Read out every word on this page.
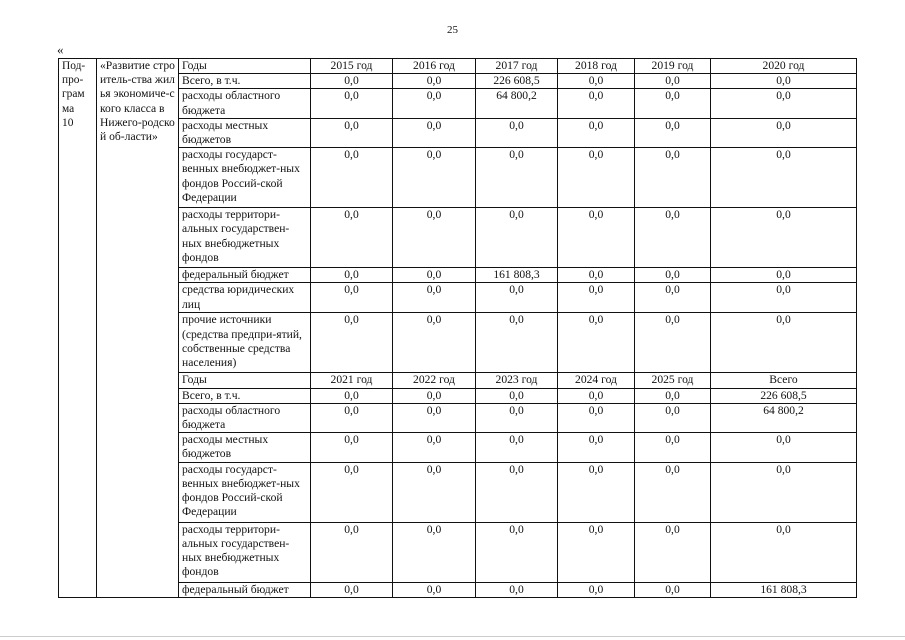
25
«
Подпро-
грам
ма
10	«Развитие строитель-ства жилья экономиче-ского класса в Нижего-родской об-ласти»	Годы	2015 год	2016 год	2017 год	2018 год	2019 год	2020 год
		Всего, в т.ч.	0,0	0,0	226 608,5	0,0	0,0	0,0
		расходы областного бюджета	0,0	0,0	64 800,2	0,0	0,0	0,0
		расходы местных бюджетов	0,0	0,0	0,0	0,0	0,0	0,0
		расходы государст-венных внебюджет-ных фондов Россий-ской Федерации	0,0	0,0	0,0	0,0	0,0	0,0
		расходы территори-альных государствен-ных внебюджетных фондов	0,0	0,0	0,0	0,0	0,0	0,0
		федеральный бюджет	0,0	0,0	161 808,3	0,0	0,0	0,0
		средства юридических лиц	0,0	0,0	0,0	0,0	0,0	0,0
		прочие источники (средства предпри-ятий, собственные средства населения)	0,0	0,0	0,0	0,0	0,0	0,0
		Годы	2021 год	2022 год	2023 год	2024 год	2025 год	Всего
		Всего, в т.ч.	0,0	0,0	0,0	0,0	0,0	226 608,5
		расходы областного бюджета	0,0	0,0	0,0	0,0	0,0	64 800,2
		расходы местных бюджетов	0,0	0,0	0,0	0,0	0,0	0,0
		расходы государст-венных внебюджет-ных фондов Россий-ской Федерации	0,0	0,0	0,0	0,0	0,0	0,0
		расходы территори-альных государствен-ных внебюджетных фондов	0,0	0,0	0,0	0,0	0,0	0,0
		федеральный бюджет	0,0	0,0	0,0	0,0	0,0	161 808,3
